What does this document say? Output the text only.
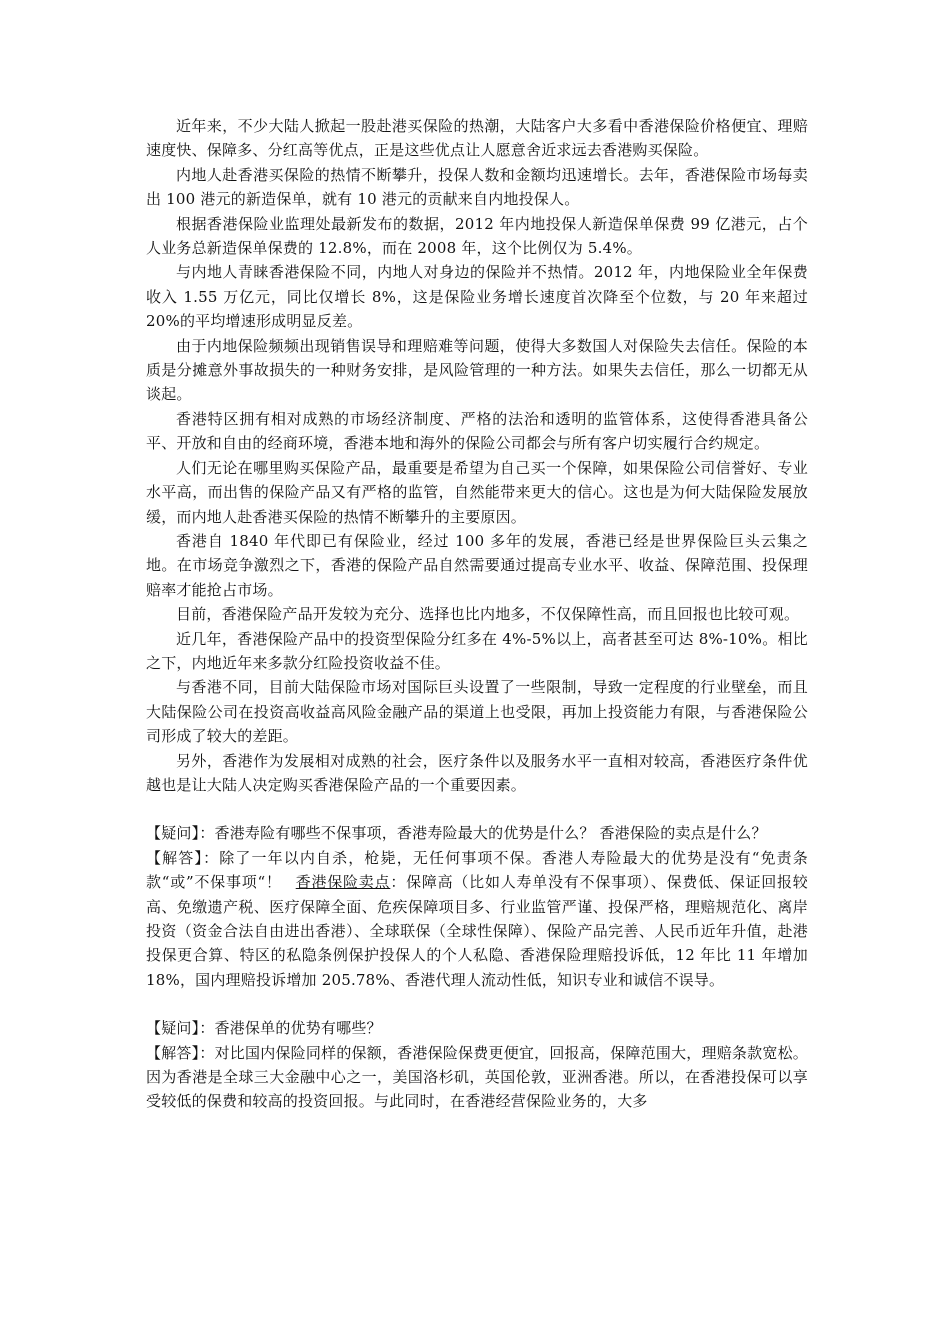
近年来，不少大陆人掀起一股赴港买保险的热潮，大陆客户大多看中香港保险价格便宜、理赔速度快、保障多、分红高等优点，正是这些优点让人愿意舍近求远去香港购买保险。

内地人赴香港买保险的热情不断攀升，投保人数和金额均迅速增长。去年，香港保险市场每卖出 100 港元的新造保单，就有 10 港元的贡献来自内地投保人。

根据香港保险业监理处最新发布的数据，2012 年内地投保人新造保单保费 99 亿港元，占个人业务总新造保单保费的 12.8%，而在 2008 年，这个比例仅为 5.4%。

与内地人青睐香港保险不同，内地人对身边的保险并不热情。2012 年，内地保险业全年保费收入 1.55 万亿元，同比仅增长 8%，这是保险业务增长速度首次降至个位数，与 20 年来超过 20%的平均增速形成明显反差。

由于内地保险频频出现销售误导和理赔难等问题，使得大多数国人对保险失去信任。保险的本质是分摊意外事故损失的一种财务安排，是风险管理的一种方法。如果失去信任，那么一切都无从谈起。

香港特区拥有相对成熟的市场经济制度、严格的法治和透明的监管体系，这使得香港具备公平、开放和自由的经商环境，香港本地和海外的保险公司都会与所有客户切实履行合约规定。

人们无论在哪里购买保险产品，最重要是希望为自己买一个保障，如果保险公司信誉好、专业水平高，而出售的保险产品又有严格的监管，自然能带来更大的信心。这也是为何大陆保险发展放缓，而内地人赴香港买保险的热情不断攀升的主要原因。

香港自 1840 年代即已有保险业，经过 100 多年的发展，香港已经是世界保险巨头云集之地。在市场竞争激烈之下，香港的保险产品自然需要通过提高专业水平、收益、保障范围、投保理赔率才能抢占市场。

目前，香港保险产品开发较为充分、选择也比内地多，不仅保障性高，而且回报也比较可观。

近几年，香港保险产品中的投资型保险分红多在 4%-5%以上，高者甚至可达 8%-10%。相比之下，内地近年来多款分红险投资收益不佳。

与香港不同，目前大陆保险市场对国际巨头设置了一些限制，导致一定程度的行业壁垒，而且大陆保险公司在投资高收益高风险金融产品的渠道上也受限，再加上投资能力有限，与香港保险公司形成了较大的差距。

另外，香港作为发展相对成熟的社会，医疗条件以及服务水平一直相对较高，香港医疗条件优越也是让大陆人决定购买香港保险产品的一个重要因素。

【疑问】：香港寿险有哪些不保事项，香港寿险最大的优势是什么？ 香港保险的卖点是什么？

【解答】：除了一年以内自杀，枪毙，无任何事项不保。香港人寿险最大的优势是没有“免责条款“或”不保事项“！ 香港保险卖点：保障高（比如人寿单没有不保事项）、保费低、保证回报较高、免缴遗产税、医疗保障全面、危疾保障项目多、行业监管严谨、投保严格，理赔规范化、离岸投资（资金合法自由进出香港）、全球联保（全球性保障）、保险产品完善、人民币近年升值，赴港投保更合算、特区的私隐条例保护投保人的个人私隐、香港保险理赔投诉低，12 年比 11 年增加 18%，国内理赔投诉增加 205.78%、香港代理人流动性低，知识专业和诚信不误导。

【疑问】：香港保单的优势有哪些？

【解答】：对比国内保险同样的保额，香港保险保费更便宜，回报高，保障范围大，理赔条款宽松。因为香港是全球三大金融中心之一，美国洛杉矶，英国伦敦，亚洲香港。所以，在香港投保可以享受较低的保费和较高的投资回报。与此同时，在香港经营保险业务的，大多
